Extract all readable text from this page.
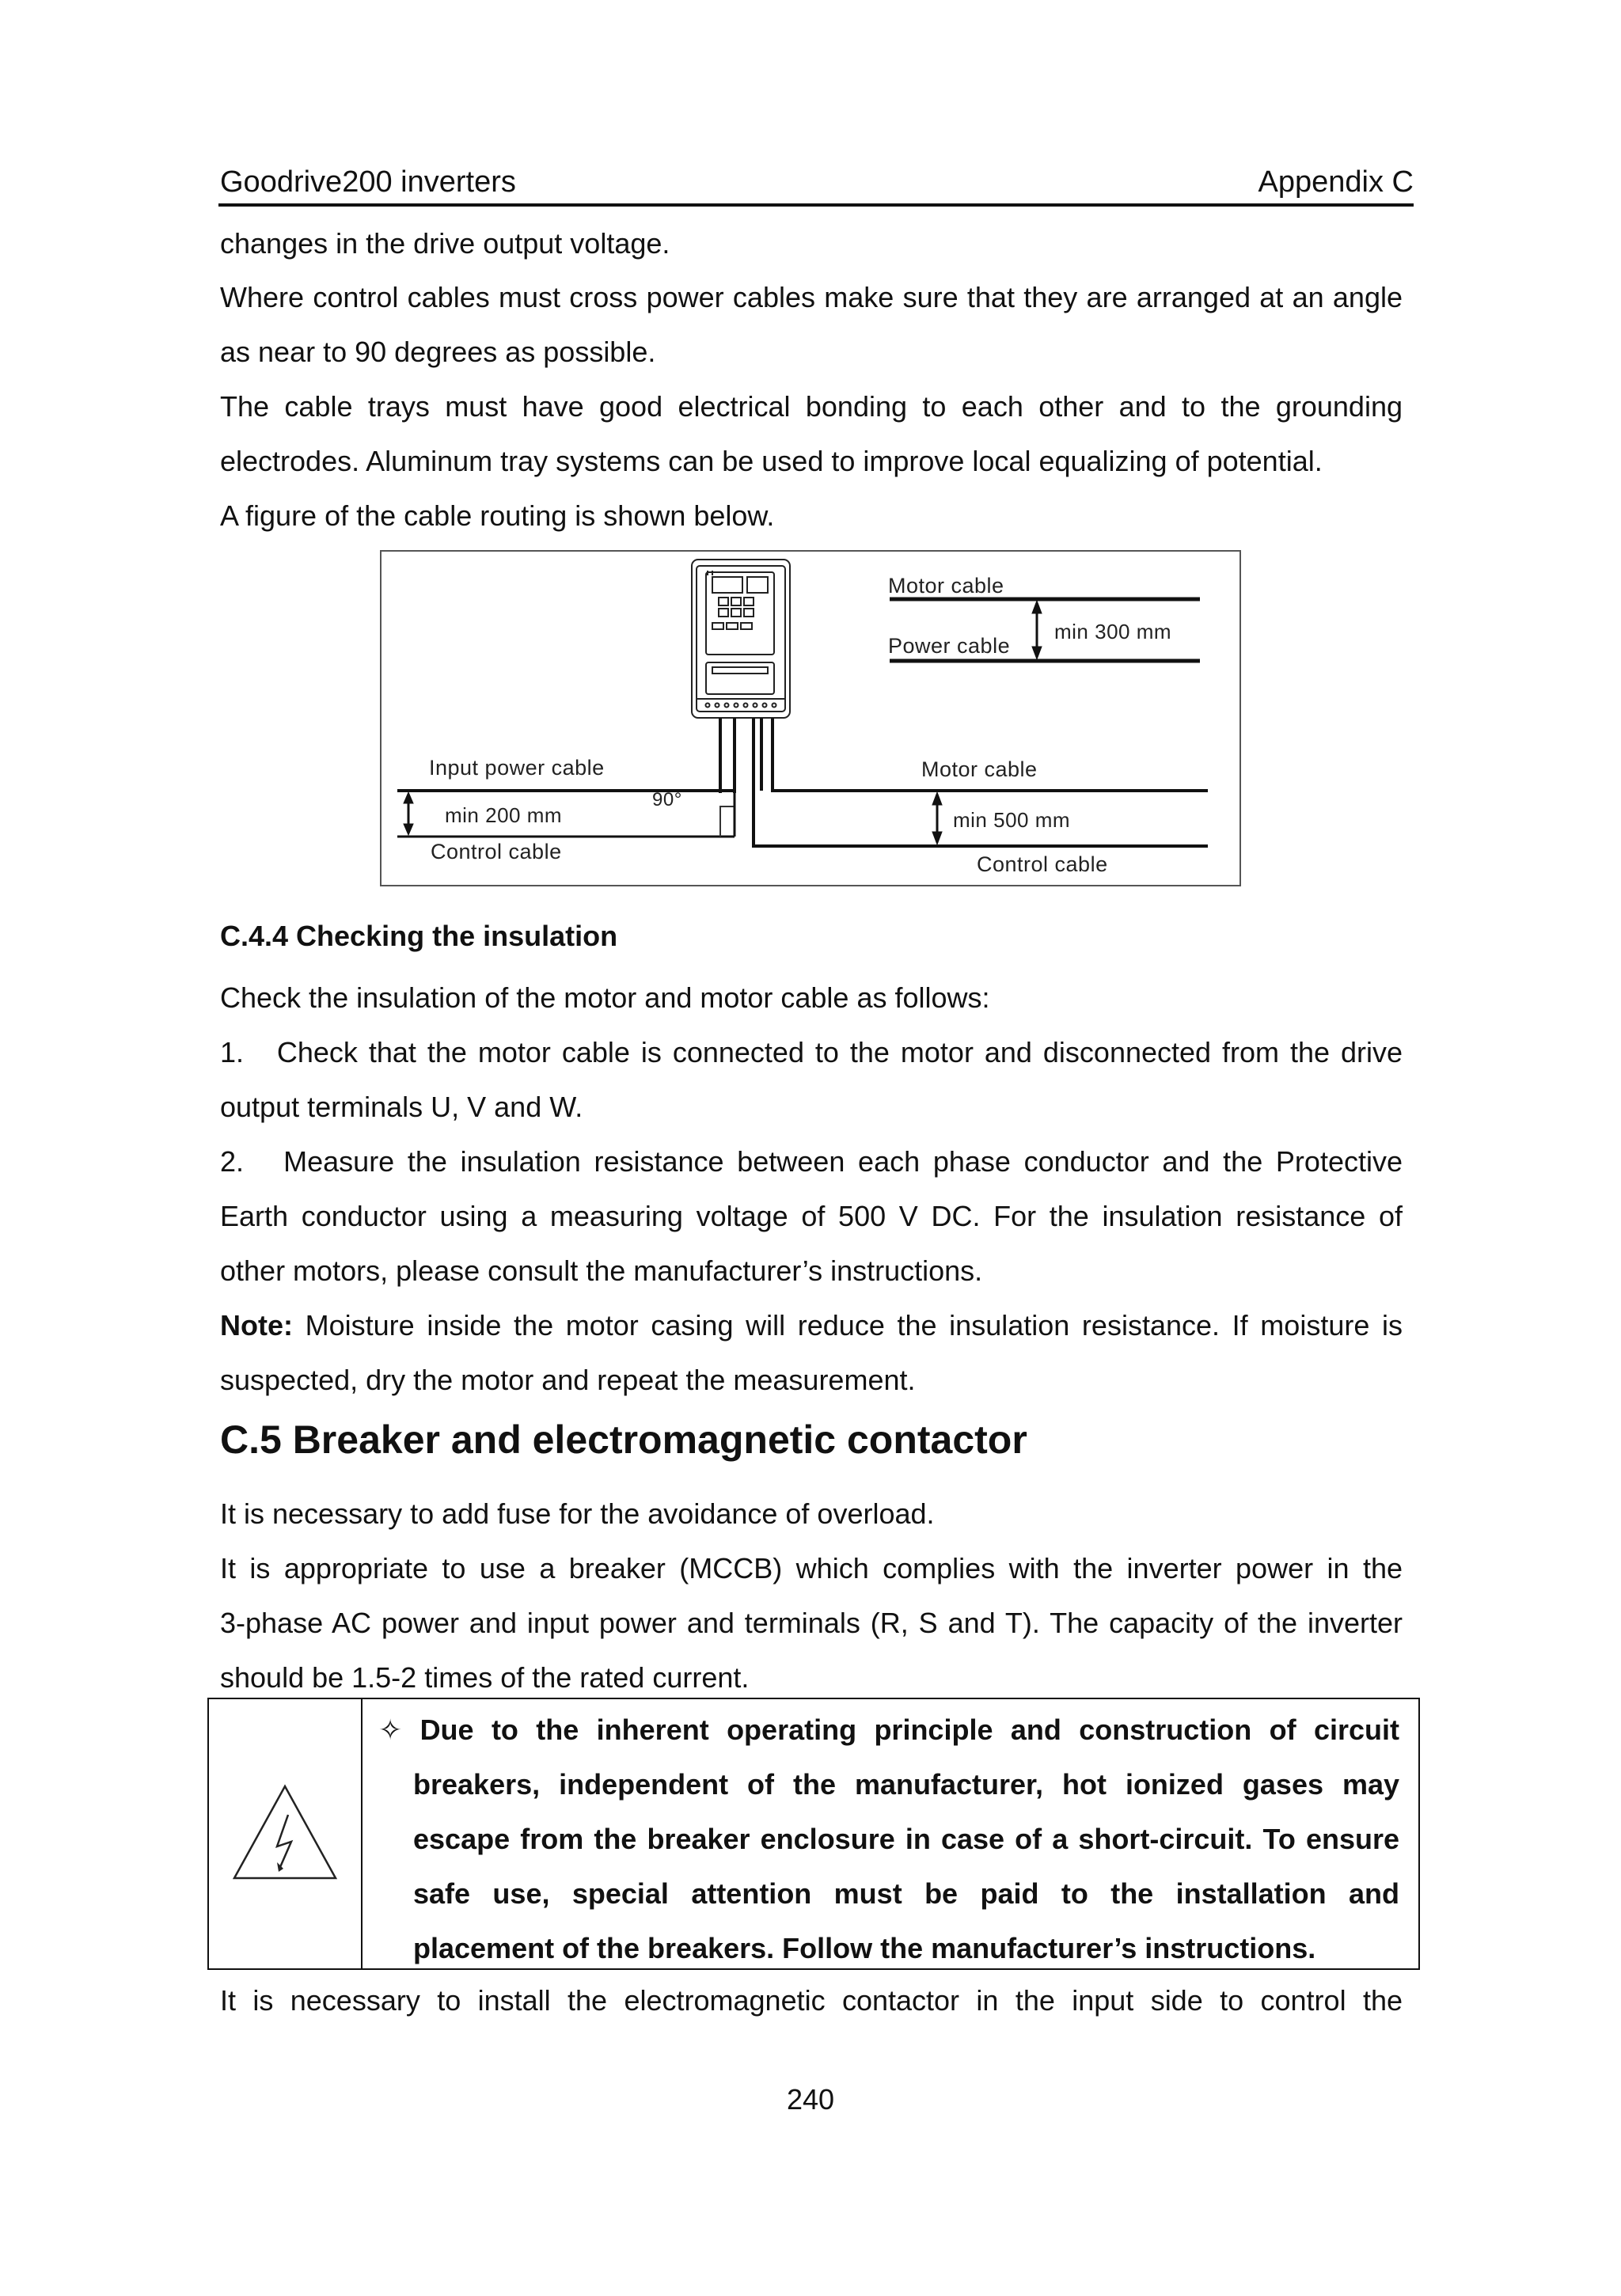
Goodrive200 inverters	Appendix C
changes in the drive output voltage.
Where control cables must cross power cables make sure that they are arranged at an angle
as near to 90 degrees as possible.
The cable trays must have good electrical bonding to each other and to the grounding
electrodes. Aluminum tray systems can be used to improve local equalizing of potential.
A figure of the cable routing is shown below.
Motor cable
Power cable
min 300 mm
Input power cable
min 200 mm
Control cable
90°
Motor cable
min 500 mm
Control cable
C.4.4 Checking the insulation
Check the insulation of the motor and motor cable as follows:
1.   Check that the motor cable is connected to the motor and disconnected from the drive
output terminals U, V and W.
2.   Measure the insulation resistance between each phase conductor and the Protective
Earth conductor using a measuring voltage of 500 V DC. For the insulation resistance of
other motors, please consult the manufacturer’s instructions.
Note: Moisture inside the motor casing will reduce the insulation resistance. If moisture is
suspected, dry the motor and repeat the measurement.
C.5 Breaker and electromagnetic contactor
It is necessary to add fuse for the avoidance of overload.
It is appropriate to use a breaker (MCCB) which complies with the inverter power in the
3-phase AC power and input power and terminals (R, S and T). The capacity of the inverter
should be 1.5-2 times of the rated current.
✧ Due to the inherent operating principle and construction of circuit
breakers, independent of the manufacturer, hot ionized gases may
escape from the breaker enclosure in case of a short-circuit. To ensure
safe use, special attention must be paid to the installation and
placement of the breakers. Follow the manufacturer’s instructions.
It is necessary to install the electromagnetic contactor in the input side to control the
240
